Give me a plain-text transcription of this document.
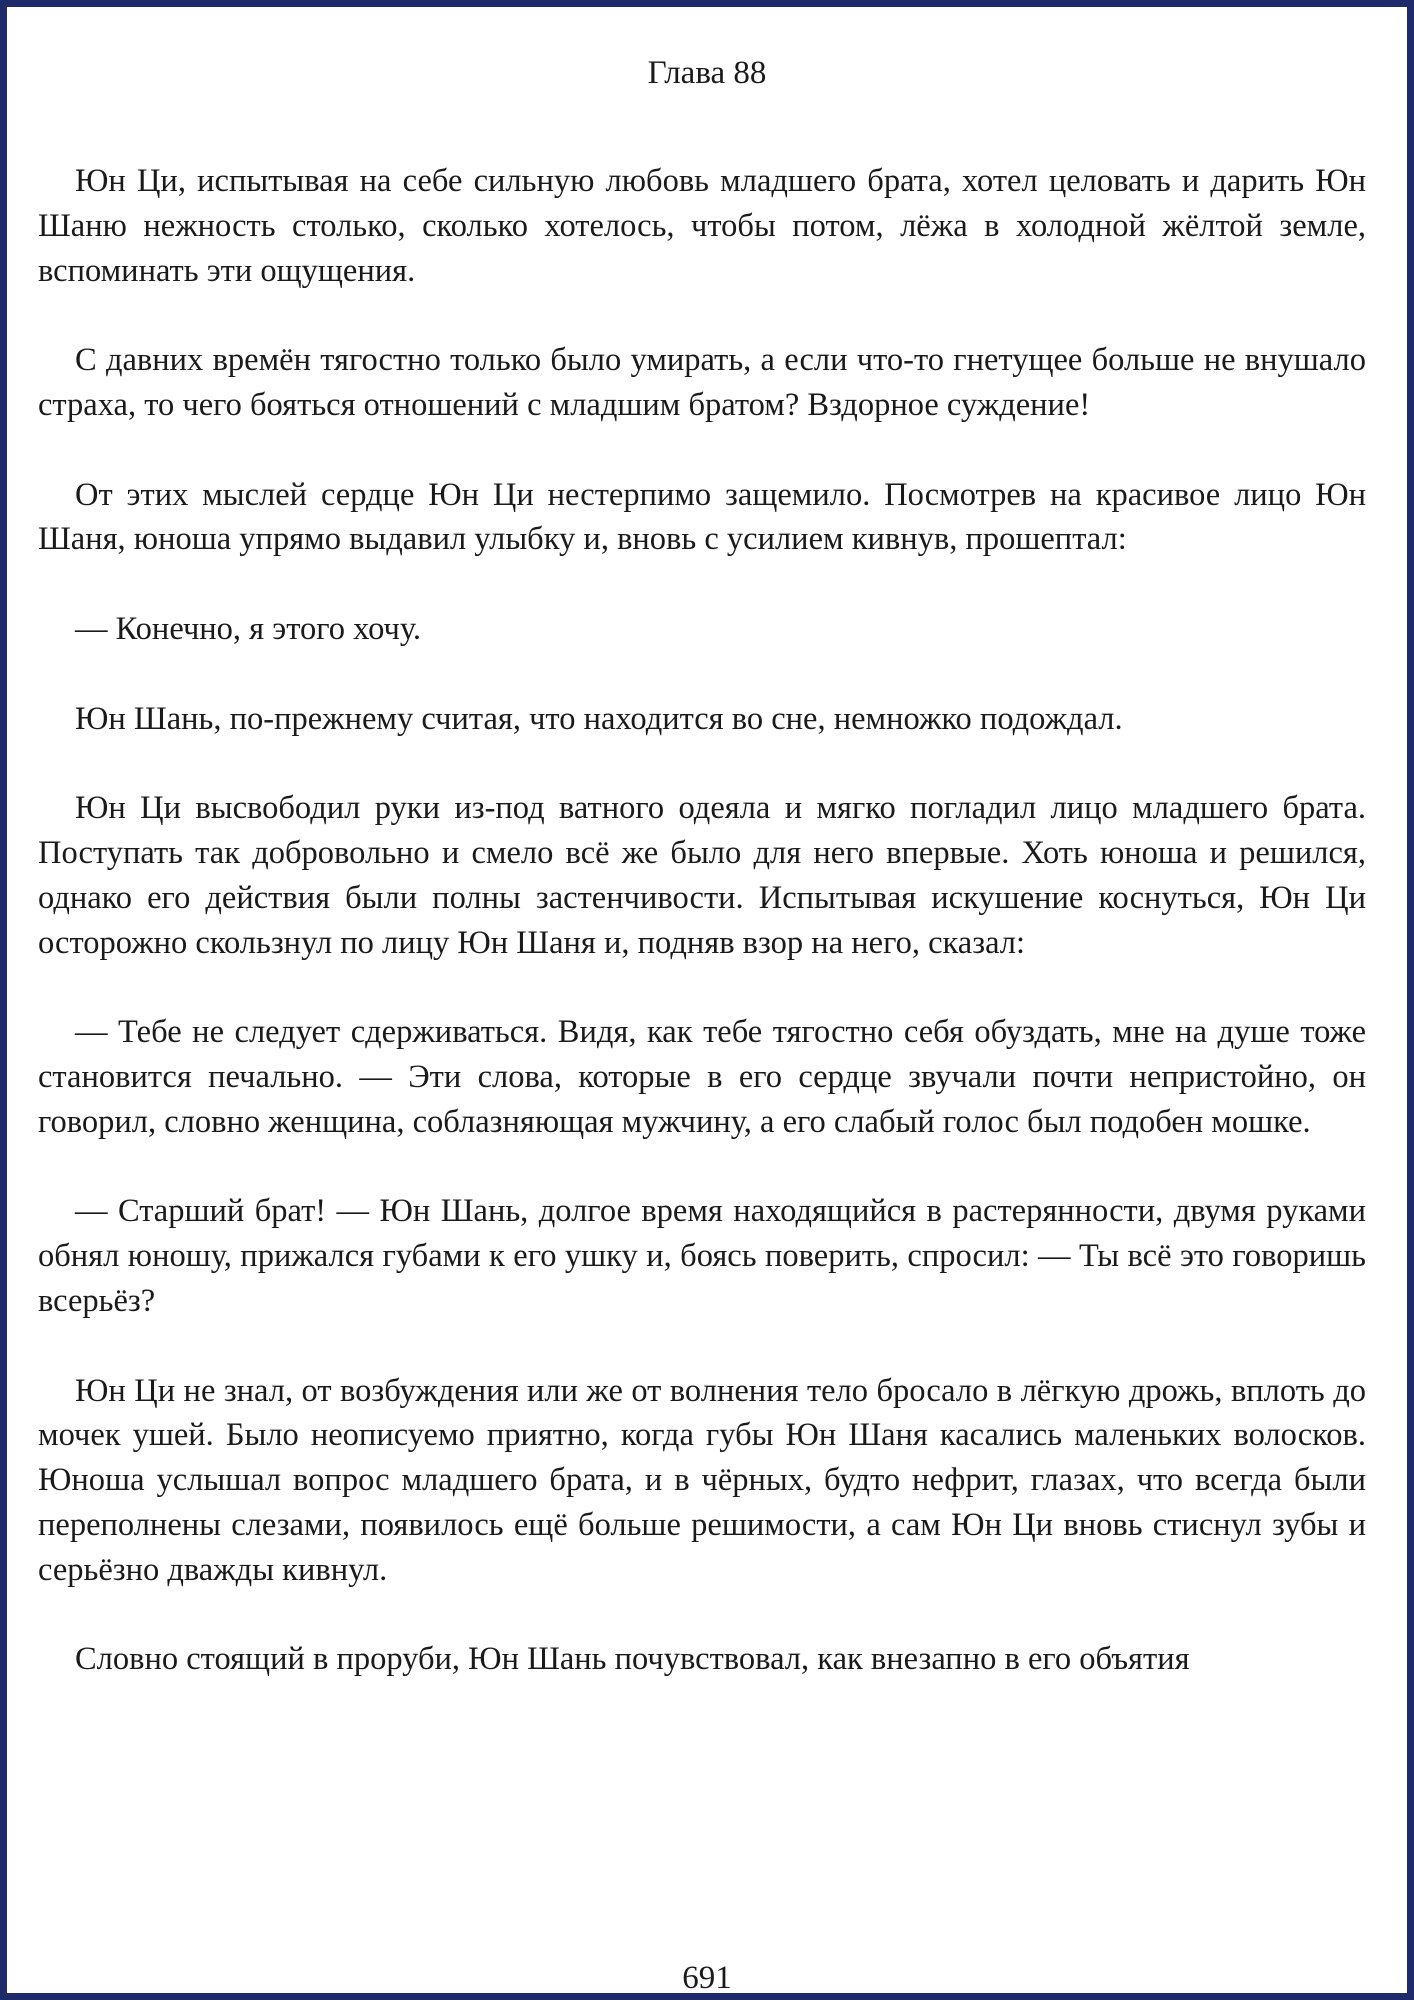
Глава 88

Юн Ци, испытывая на себе сильную любовь младшего брата, хотел целовать и дарить Юн Шаню нежность столько, сколько хотелось, чтобы потом, лёжа в холодной жёлтой земле, вспоминать эти ощущения.

С давних времён тягостно только было умирать, а если что-то гнетущее больше не внушало страха, то чего бояться отношений с младшим братом? Вздорное суждение!

От этих мыслей сердце Юн Ци нестерпимо защемило. Посмотрев на красивое лицо Юн Шаня, юноша упрямо выдавил улыбку и, вновь с усилием кивнув, прошептал:

— Конечно, я этого хочу.

Юн Шань, по-прежнему считая, что находится во сне, немножко подождал.

Юн Ци высвободил руки из-под ватного одеяла и мягко погладил лицо младшего брата. Поступать так добровольно и смело всё же было для него впервые. Хоть юноша и решился, однако его действия были полны застенчивости. Испытывая искушение коснуться, Юн Ци осторожно скользнул по лицу Юн Шаня и, подняв взор на него, сказал:

— Тебе не следует сдерживаться. Видя, как тебе тягостно себя обуздать, мне на душе тоже становится печально. — Эти слова, которые в его сердце звучали почти непристойно, он говорил, словно женщина, соблазняющая мужчину, а его слабый голос был подобен мошке.

— Старший брат! — Юн Шань, долгое время находящийся в растерянности, двумя руками обнял юношу, прижался губами к его ушку и, боясь поверить, спросил: — Ты всё это говоришь всерьёз?

Юн Ци не знал, от возбуждения или же от волнения тело бросало в лёгкую дрожь, вплоть до мочек ушей. Было неописуемо приятно, когда губы Юн Шаня касались маленьких волосков. Юноша услышал вопрос младшего брата, и в чёрных, будто нефрит, глазах, что всегда были переполнены слезами, появилось ещё больше решимости, а сам Юн Ци вновь стиснул зубы и серьёзно дважды кивнул.

Словно стоящий в проруби, Юн Шань почувствовал, как внезапно в его объятия

691
